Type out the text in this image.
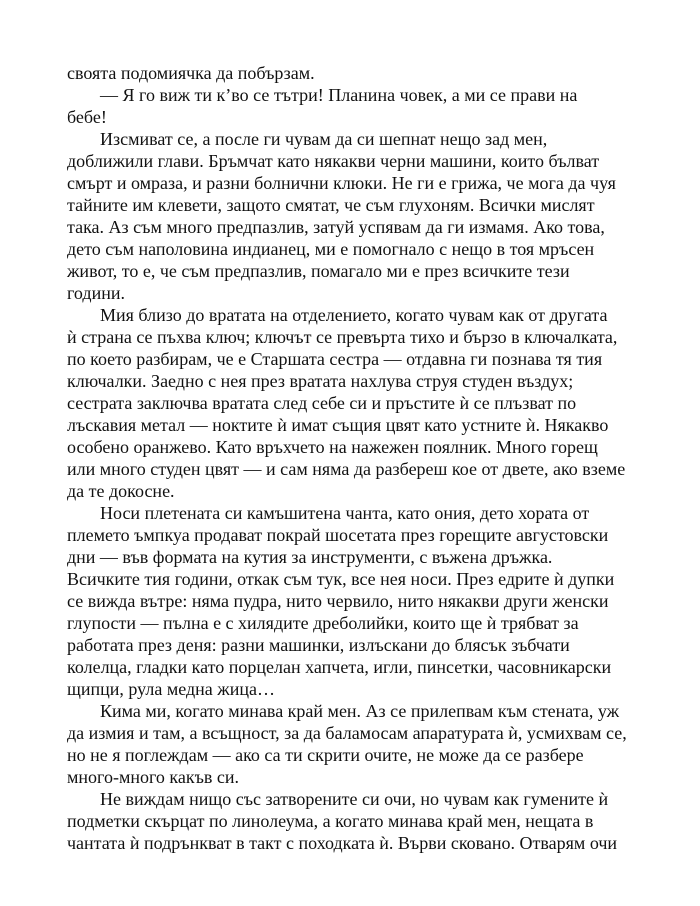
своята подомиячка да побързам.
— Я го виж ти к’во се тътри! Планина човек, а ми се прави на
бебе!
Изсмиват се, а после ги чувам да си шепнат нещо зад мен,
доближили глави. Бръмчат като някакви черни машини, които бълват
смърт и омраза, и разни болнични клюки. Не ги е грижа, че мога да чуя
тайните им клевети, защото смятат, че съм глухоням. Всички мислят
така. Аз съм много предпазлив, затуй успявам да ги измамя. Ако това,
дето съм наполовина индианец, ми е помогнало с нещо в тоя мръсен
живот, то е, че съм предпазлив, помагало ми е през всичките тези
години.
Мия близо до вратата на отделението, когато чувам как от другата
ѝ страна се пъхва ключ; ключът се превърта тихо и бързо в ключалката,
по което разбирам, че е Старшата сестра — отдавна ги познава тя тия
ключалки. Заедно с нея през вратата нахлува струя студен въздух;
сестрата заключва вратата след себе си и пръстите ѝ се плъзват по
лъскавия метал — ноктите ѝ имат същия цвят като устните ѝ. Някакво
особено оранжево. Като връхчето на нажежен поялник. Много горещ
или много студен цвят — и сам няма да разбереш кое от двете, ако вземе
да те докосне.
Носи плетената си камъшитена чанта, като ония, дето хората от
племето ъмпкуа продават покрай шосетата през горещите августовски
дни — във формата на кутия за инструменти, с въжена дръжка.
Всичките тия години, откак съм тук, все нея носи. През едрите ѝ дупки
се вижда вътре: няма пудра, нито червило, нито някакви други женски
глупости — пълна е с хилядите дреболийки, които ще ѝ трябват за
работата през деня: разни машинки, излъскани до блясък зъбчати
колелца, гладки като порцелан хапчета, игли, пинсетки, часовникарски
щипци, рула медна жица…
Кима ми, когато минава край мен. Аз се прилепвам към стената, уж
да измия и там, а всъщност, за да баламосам апаратурата ѝ, усмихвам се,
но не я поглеждам — ако са ти скрити очите, не може да се разбере
много-много какъв си.
Не виждам нищо със затворените си очи, но чувам как гумените ѝ
подметки скърцат по линолеума, а когато минава край мен, нещата в
чантата ѝ подрънкват в такт с походката ѝ. Върви сковано. Отварям очи
